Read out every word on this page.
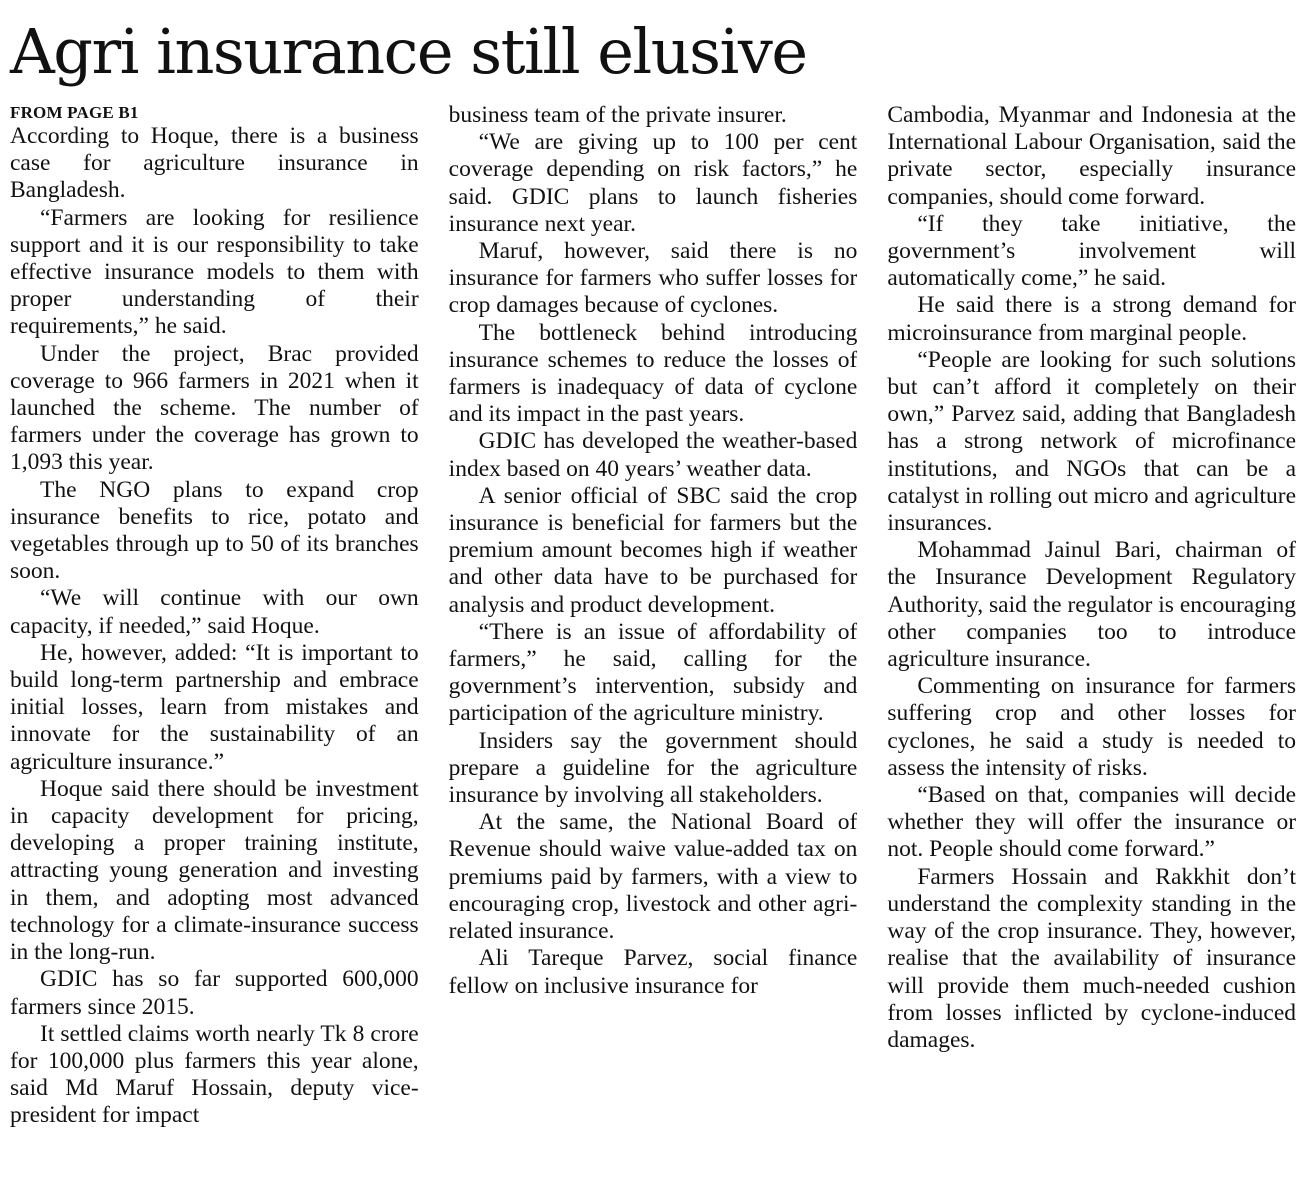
Agri insurance still elusive
FROM PAGE B1

According to Hoque, there is a business case for agriculture insurance in Bangladesh.

“Farmers are looking for resilience support and it is our responsibility to take effective insurance models to them with proper understanding of their requirements,” he said.

Under the project, Brac provided coverage to 966 farmers in 2021 when it launched the scheme. The number of farmers under the coverage has grown to 1,093 this year.

The NGO plans to expand crop insurance benefits to rice, potato and vegetables through up to 50 of its branches soon.

“We will continue with our own capacity, if needed,” said Hoque.

He, however, added: “It is important to build long-term partnership and embrace initial losses, learn from mistakes and innovate for the sustainability of an agriculture insurance.”

Hoque said there should be investment in capacity development for pricing, developing a proper training institute, attracting young generation and investing in them, and adopting most advanced technology for a climate-insurance success in the long-run.

GDIC has so far supported 600,000 farmers since 2015.

It settled claims worth nearly Tk 8 crore for 100,000 plus farmers this year alone, said Md Maruf Hossain, deputy vice-president for impact

business team of the private insurer.

“We are giving up to 100 per cent coverage depending on risk factors,” he said. GDIC plans to launch fisheries insurance next year.

Maruf, however, said there is no insurance for farmers who suffer losses for crop damages because of cyclones.

The bottleneck behind introducing insurance schemes to reduce the losses of farmers is inadequacy of data of cyclone and its impact in the past years.

GDIC has developed the weather-based index based on 40 years’ weather data.

A senior official of SBC said the crop insurance is beneficial for farmers but the premium amount becomes high if weather and other data have to be purchased for analysis and product development.

“There is an issue of affordability of farmers,” he said, calling for the government’s intervention, subsidy and participation of the agriculture ministry.

Insiders say the government should prepare a guideline for the agriculture insurance by involving all stakeholders.

At the same, the National Board of Revenue should waive value-added tax on premiums paid by farmers, with a view to encouraging crop, livestock and other agri-related insurance.

Ali Tareque Parvez, social finance fellow on inclusive insurance for

Cambodia, Myanmar and Indonesia at the International Labour Organisation, said the private sector, especially insurance companies, should come forward.

“If they take initiative, the government’s involvement will automatically come,” he said.

He said there is a strong demand for microinsurance from marginal people.

“People are looking for such solutions but can’t afford it completely on their own,” Parvez said, adding that Bangladesh has a strong network of microfinance institutions, and NGOs that can be a catalyst in rolling out micro and agriculture insurances.

Mohammad Jainul Bari, chairman of the Insurance Development Regulatory Authority, said the regulator is encouraging other companies too to introduce agriculture insurance.

Commenting on insurance for farmers suffering crop and other losses for cyclones, he said a study is needed to assess the intensity of risks.

“Based on that, companies will decide whether they will offer the insurance or not. People should come forward.”

Farmers Hossain and Rakkhit don’t understand the complexity standing in the way of the crop insurance. They, however, realise that the availability of insurance will provide them much-needed cushion from losses inflicted by cyclone-induced damages.
